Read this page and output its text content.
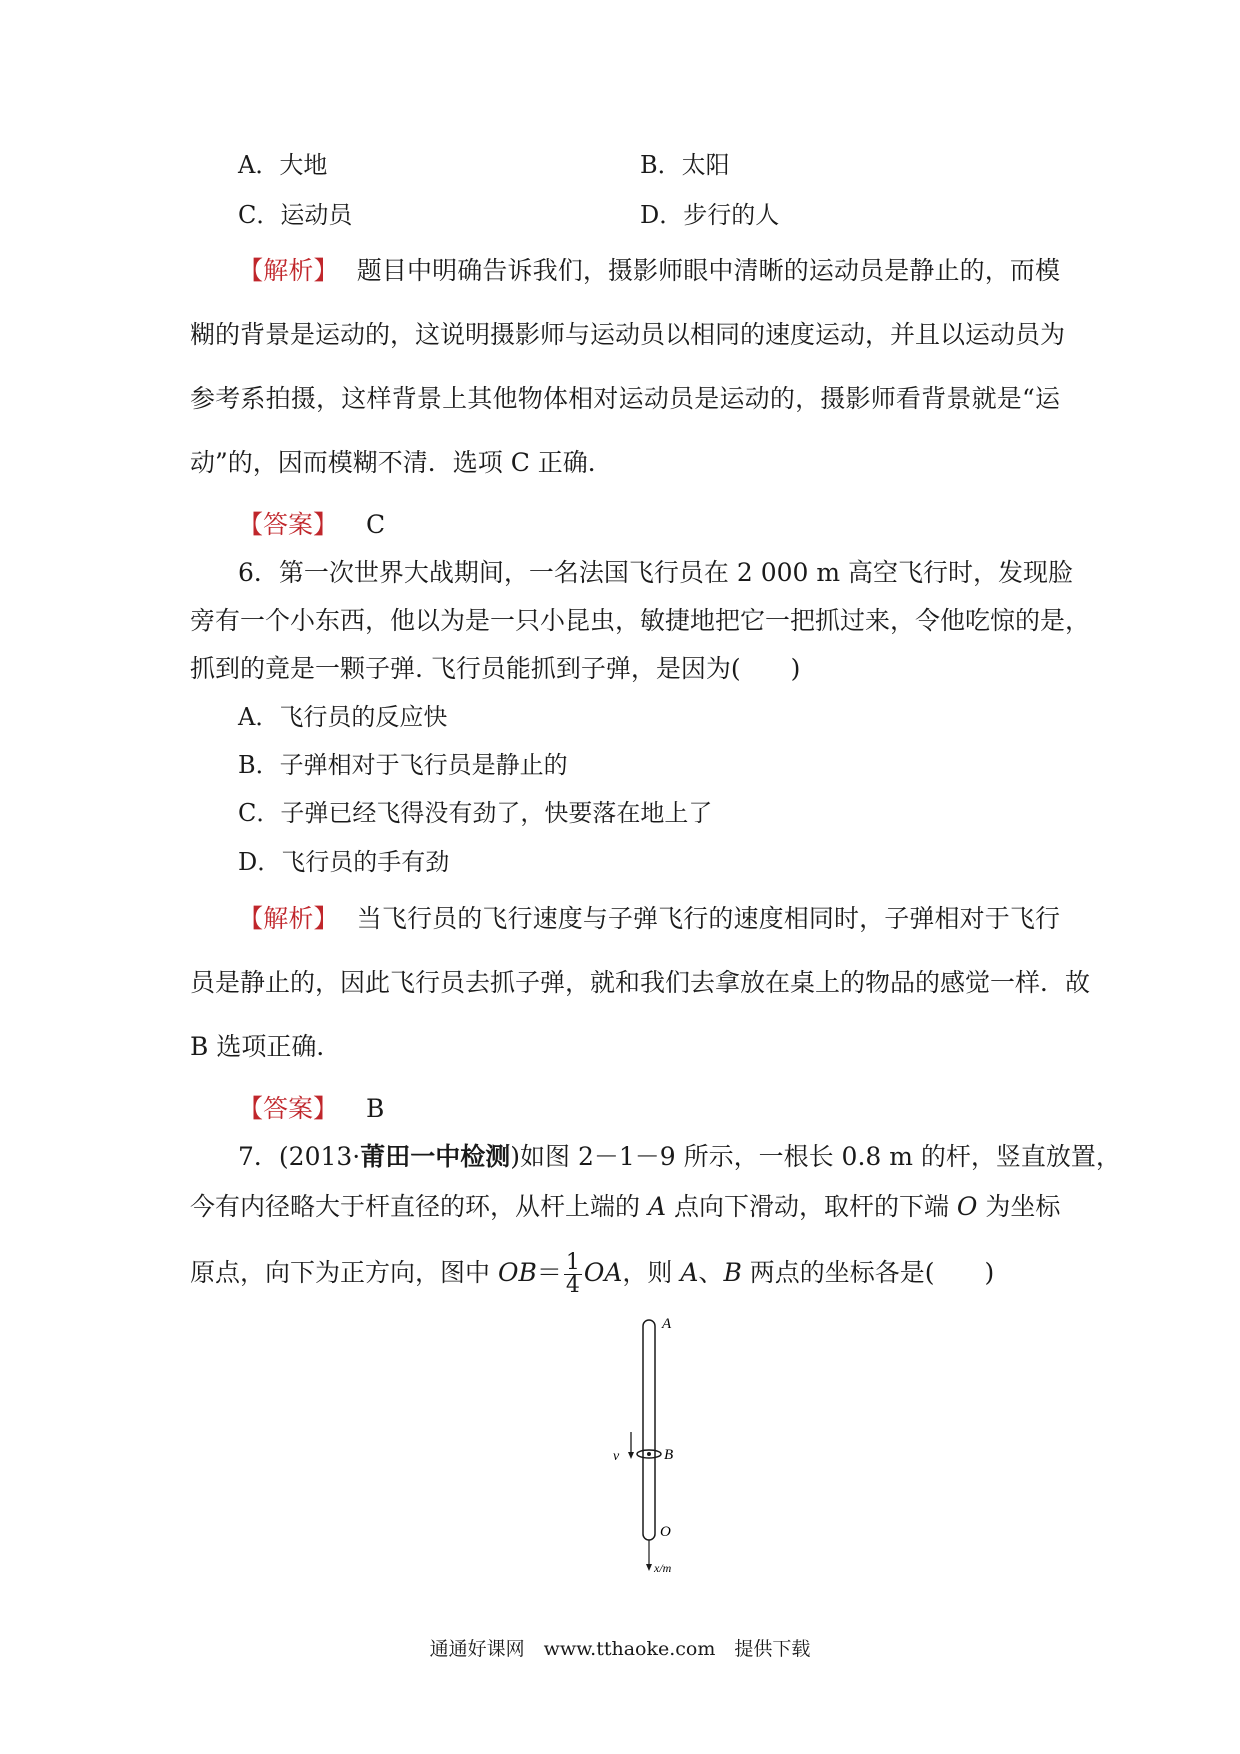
A．大地	B．太阳
C．运动员	D．步行的人
【解析】 题目中明确告诉我们，摄影师眼中清晰的运动员是静止的，而模
糊的背景是运动的，这说明摄影师与运动员以相同的速度运动，并且以运动员为
参考系拍摄，这样背景上其他物体相对运动员是运动的，摄影师看背景就是“运
动”的，因而模糊不清．选项 C 正确．
【答案】 C
6．第一次世界大战期间，一名法国飞行员在 2 000 m 高空飞行时，发现脸
旁有一个小东西，他以为是一只小昆虫，敏捷地把它一把抓过来，令他吃惊的是，
抓到的竟是一颗子弹. 飞行员能抓到子弹，是因为(　　)
A．飞行员的反应快
B．子弹相对于飞行员是静止的
C．子弹已经飞得没有劲了，快要落在地上了
D．飞行员的手有劲
【解析】 当飞行员的飞行速度与子弹飞行的速度相同时，子弹相对于飞行
员是静止的，因此飞行员去抓子弹，就和我们去拿放在桌上的物品的感觉一样．故
B 选项正确．
【答案】 B
7．(2013·莆田一中检测)如图 2－1－9 所示，一根长 0.8 m 的杆，竖直放置，
今有内径略大于杆直径的环，从杆上端的 A 点向下滑动，取杆的下端 O 为坐标
原点，向下为正方向，图中 $OB= \frac{1}{4}$ OA，则 A、B 两点的坐标各是(　　)
A
B
O
v
x/m
通通好课网　www.tthaoke.com　提供下载
